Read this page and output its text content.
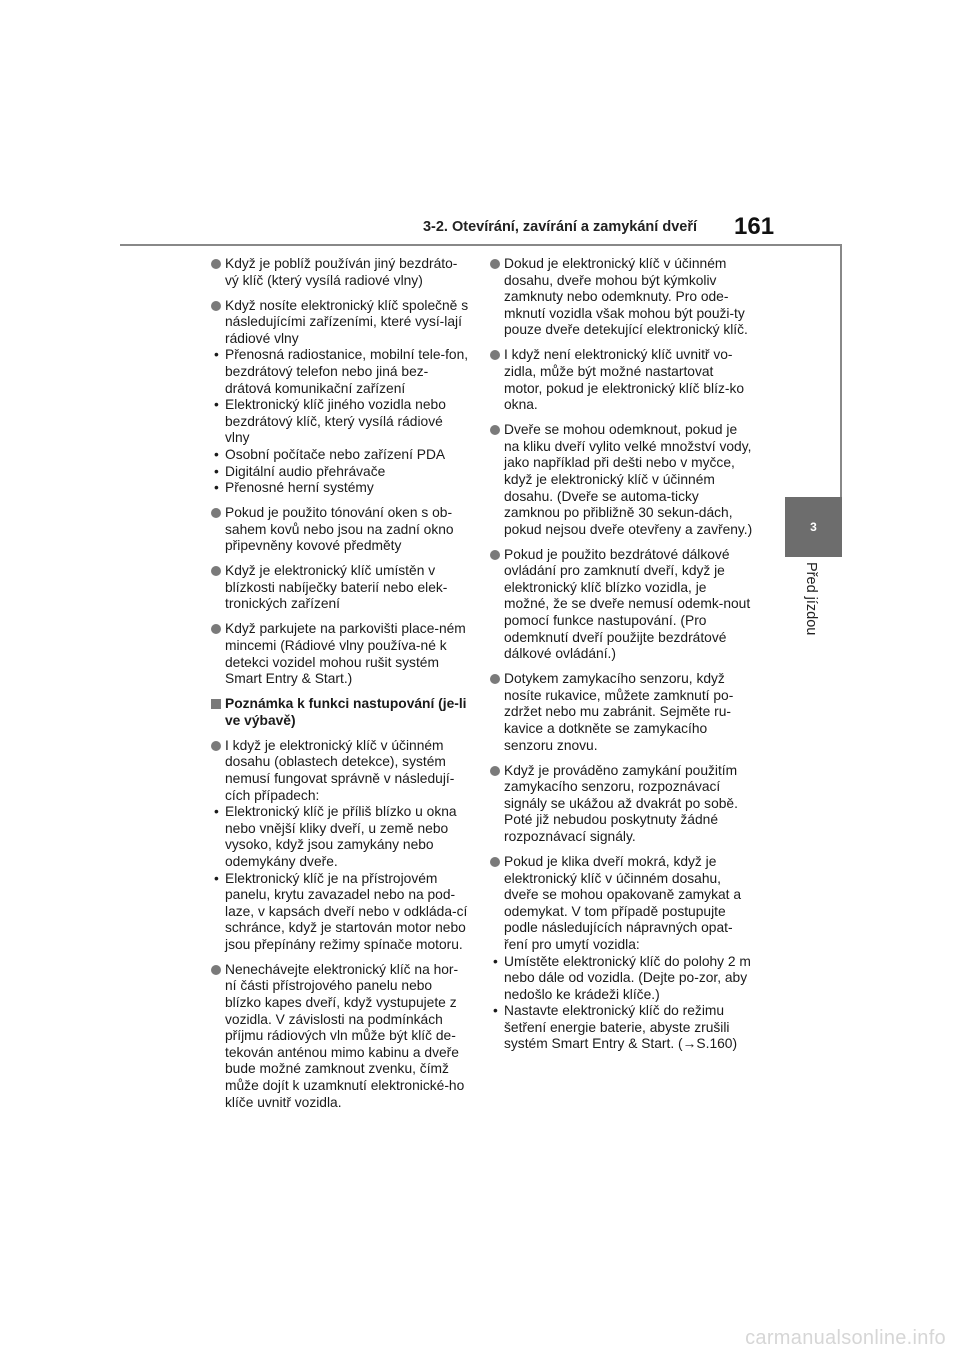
3-2. Otevírání, zavírání a zamykání dveří 161
3
Před jízdou
Když je poblíž používán jiný bezdráto-vý klíč (který vysílá radiové vlny)
Když nosíte elektronický klíč společně s následujícími zařízeními, které vysí-lají rádiové vlny
• Přenosná radiostanice, mobilní tele-fon, bezdrátový telefon nebo jiná bez-drátová komunikační zařízení
• Elektronický klíč jiného vozidla nebo bezdrátový klíč, který vysílá rádiové vlny
• Osobní počítače nebo zařízení PDA
• Digitální audio přehrávače
• Přenosné herní systémy
Pokud je použito tónování oken s ob-sahem kovů nebo jsou na zadní okno připevněny kovové předměty
Když je elektronický klíč umístěn v blízkosti nabíječky baterií nebo elek-tronických zařízení
Když parkujete na parkovišti place-ném mincemi (Rádiové vlny používa-né k detekci vozidel mohou rušit systém Smart Entry & Start.)
Poznámka k funkci nastupování (je-li ve výbavě)
I když je elektronický klíč v účinném dosahu (oblastech detekce), systém nemusí fungovat správně v následují-cích případech:
• Elektronický klíč je příliš blízko u okna nebo vnější kliky dveří, u země nebo vysoko, když jsou zamykány nebo odemykány dveře.
• Elektronický klíč je na přístrojovém panelu, krytu zavazadel nebo na pod-laze, v kapsách dveří nebo v odkláda-cí schránce, když je startován motor nebo jsou přepínány režimy spínače motoru.
Nenechávejte elektronický klíč na hor-ní části přístrojového panelu nebo blízko kapes dveří, když vystupujete z vozidla. V závislosti na podmínkách příjmu rádiových vln může být klíč de-tekován anténou mimo kabinu a dveře bude možné zamknout zvenku, čímž může dojít k uzamknutí elektronické-ho klíče uvnitř vozidla.
Dokud je elektronický klíč v účinném dosahu, dveře mohou být kýmkoliv zamknuty nebo odemknuty. Pro ode-mknutí vozidla však mohou být použi-ty pouze dveře detekující elektronický klíč.
I když není elektronický klíč uvnitř vo-zidla, může být možné nastartovat motor, pokud je elektronický klíč blíz-ko okna.
Dveře se mohou odemknout, pokud je na kliku dveří vylito velké množství vody, jako například při dešti nebo v myčce, když je elektronický klíč v účinném dosahu. (Dveře se automa-ticky zamknou po přibližně 30 sekun-dách, pokud nejsou dveře otevřeny a zavřeny.)
Pokud je použito bezdrátové dálkové ovládání pro zamknutí dveří, když je elektronický klíč blízko vozidla, je možné, že se dveře nemusí odemk-nout pomocí funkce nastupování. (Pro odemknutí dveří použijte bezdrátové dálkové ovládání.)
Dotykem zamykacího senzoru, když nosíte rukavice, můžete zamknutí po-zdržet nebo mu zabránit. Sejměte ru-kavice a dotkněte se zamykacího senzoru znovu.
Když je prováděno zamykání použitím zamykacího senzoru, rozpoznávací signály se ukážou až dvakrát po sobě. Poté již nebudou poskytnuty žádné rozpoznávací signály.
Pokud je klika dveří mokrá, když je elektronický klíč v účinném dosahu, dveře se mohou opakovaně zamykat a odemykat. V tom případě postupujte podle následujících nápravných opat-ření pro umytí vozidla:
• Umístěte elektronický klíč do polohy 2 m nebo dále od vozidla. (Dejte po-zor, aby nedošlo ke krádeži klíče.)
• Nastavte elektronický klíč do režimu šetření energie baterie, abyste zrušili systém Smart Entry & Start. (→S.160)
carmanualsonline.info
